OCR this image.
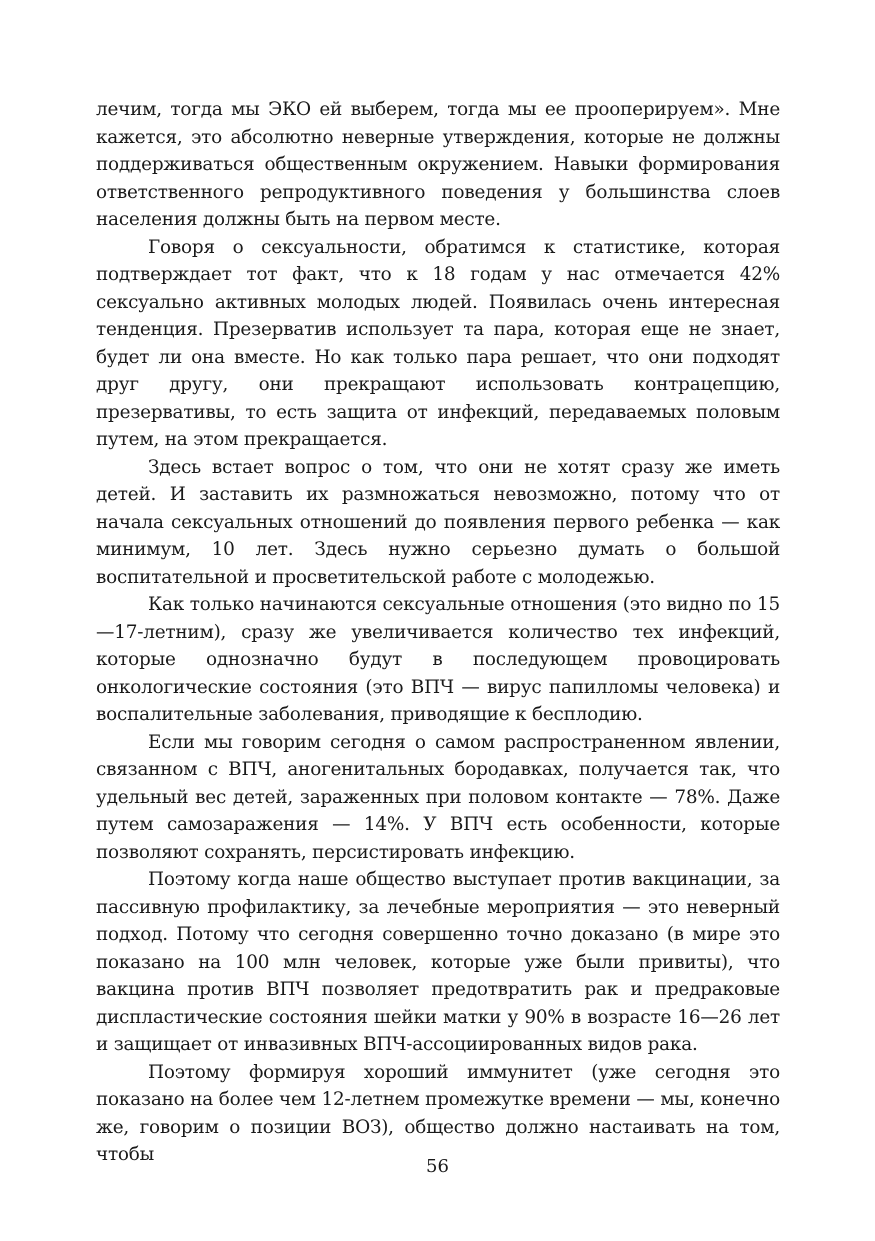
лечим, тогда мы ЭКО ей выберем, тогда мы ее прооперируем». Мне кажется, это абсолютно неверные утверждения, которые не должны поддерживаться общественным окружением. Навыки формирования ответственного репродуктивного поведения у большинства слоев населения должны быть на первом месте.

Говоря о сексуальности, обратимся к статистике, которая подтверждает тот факт, что к 18 годам у нас отмечается 42% сексуально активных молодых людей. Появилась очень интересная тенденция. Презерватив использует та пара, которая еще не знает, будет ли она вместе. Но как только пара решает, что они подходят друг другу, они прекращают использовать контрацепцию, презервативы, то есть защита от инфекций, передаваемых половым путем, на этом прекращается.

Здесь встает вопрос о том, что они не хотят сразу же иметь детей. И заставить их размножаться невозможно, потому что от начала сексуальных отношений до появления первого ребенка — как минимум, 10 лет. Здесь нужно серьезно думать о большой воспитательной и просветительской работе с молодежью.

Как только начинаются сексуальные отношения (это видно по 15—17-летним), сразу же увеличивается количество тех инфекций, которые однозначно будут в последующем провоцировать онкологические состояния (это ВПЧ — вирус папилломы человека) и воспалительные заболевания, приводящие к бесплодию.

Если мы говорим сегодня о самом распространенном явлении, связанном с ВПЧ, аногенитальных бородавках, получается так, что удельный вес детей, зараженных при половом контакте — 78%. Даже путем самозаражения — 14%. У ВПЧ есть особенности, которые позволяют сохранять, персистировать инфекцию.

Поэтому когда наше общество выступает против вакцинации, за пассивную профилактику, за лечебные мероприятия — это неверный подход. Потому что сегодня совершенно точно доказано (в мире это показано на 100 млн человек, которые уже были привиты), что вакцина против ВПЧ позволяет предотвратить рак и предраковые диспластические состояния шейки матки у 90% в возрасте 16—26 лет и защищает от инвазивных ВПЧ-ассоциированных видов рака.

Поэтому формируя хороший иммунитет (уже сегодня это показано на более чем 12-летнем промежутке времени — мы, конечно же, говорим о позиции ВОЗ), общество должно настаивать на том, чтобы

56
